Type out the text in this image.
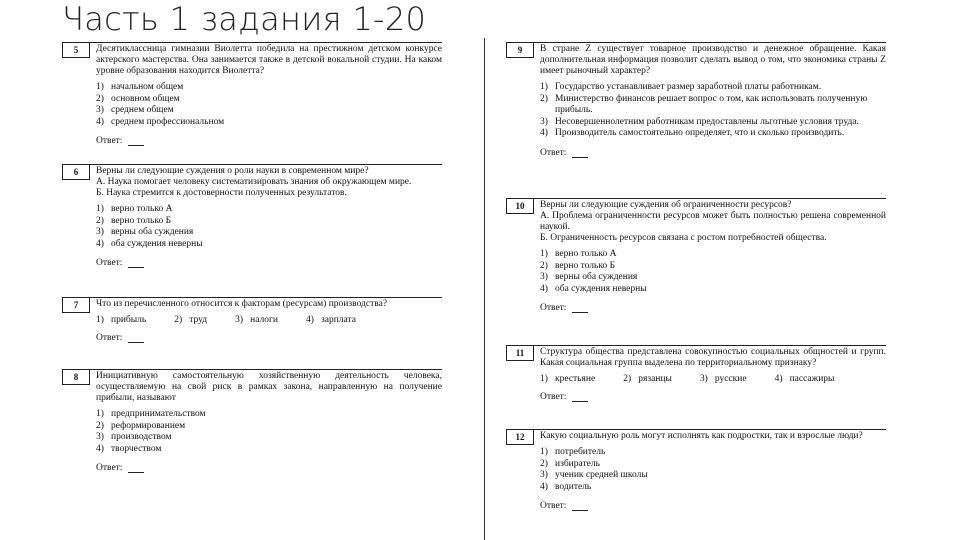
Часть 1 задания 1-20
5	Десятиклассница гимназии Виолетта победила на престижном детском конкурсе актерского мастерства. Она занимается также в детской вокальной студии. На каком уровне образования находится Виолетта?
1) начальном общем
2) основном общем
3) среднем общем
4) среднем профессиональном
Ответ:
6	Верны ли следующие суждения о роли науки в современном мире?
А. Наука помогает человеку систематизировать знания об окружающем мире.
Б. Наука стремится к достоверности полученных результатов.
1) верно только А
2) верно только Б
3) верны оба суждения
4) оба суждения неверны
Ответ:
7	Что из перечисленного относится к факторам (ресурсам) производства?
1) прибыль	2) труд	3) налоги	4) зарплата
Ответ:
8	Инициативную самостоятельную хозяйственную деятельность человека, осуществляемую на свой риск в рамках закона, направленную на получение прибыли, называют
1) предпринимательством
2) реформированием
3) производством
4) творчеством
Ответ:
9	В стране Z существует товарное производство и денежное обращение. Какая дополнительная информация позволит сделать вывод о том, что экономика страны Z имеет рыночный характер?
1) Государство устанавливает размер заработной платы работникам.
2) Министерство финансов решает вопрос о том, как использовать полученную прибыль.
3) Несовершеннолетним работникам предоставлены льготные условия труда.
4) Производитель самостоятельно определяет, что и сколько производить.
Ответ:
10	Верны ли следующие суждения об ограниченности ресурсов?
А. Проблема ограниченности ресурсов может быть полностью решена современной наукой.
Б. Ограниченность ресурсов связана с ростом потребностей общества.
1) верно только А
2) верно только Б
3) верны оба суждения
4) оба суждения неверны
Ответ:
11	Структура общества представлена совокупностью социальных общностей и групп. Какая социальная группа выделена по территориальному признаку?
1) крестьяне	2) рязанцы	3) русские	4) пассажиры
Ответ:
12	Какую социальную роль могут исполнять как подростки, так и взрослые люди?
1) потребитель
2) избиратель
3) ученик средней школы
4) водитель
Ответ:
